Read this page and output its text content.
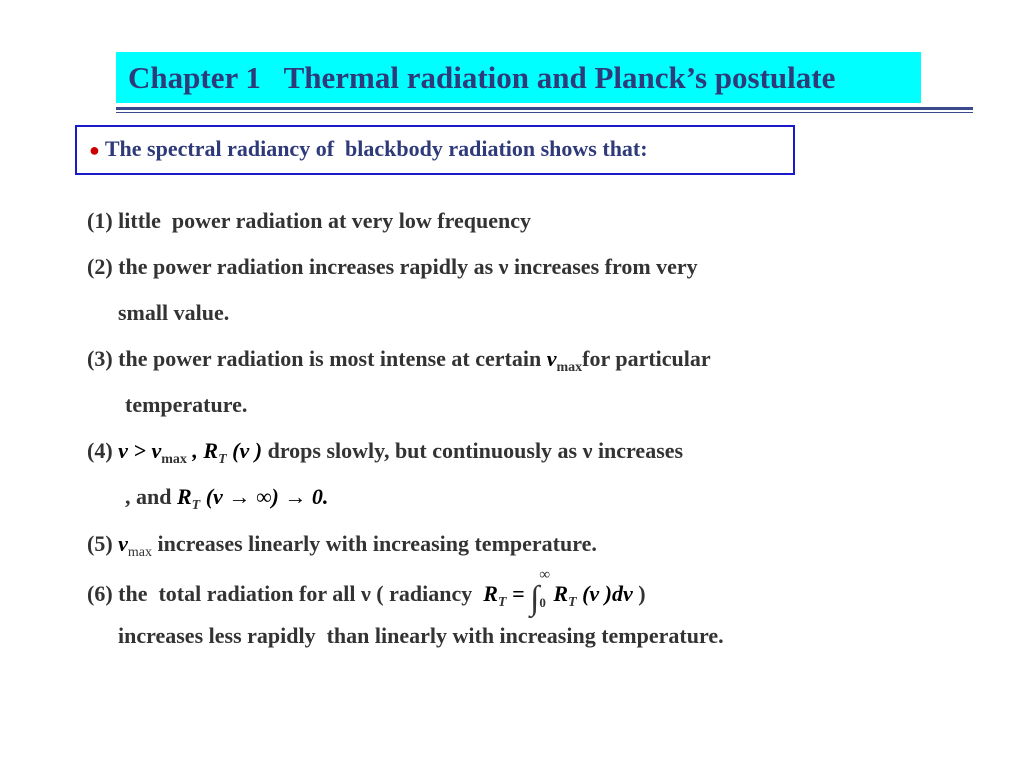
Chapter 1   Thermal radiation and Planck’s postulate
● The spectral radiancy of  blackbody radiation shows that:
(1) little  power radiation at very low frequency
(2) the power radiation increases rapidly as ν increases from very
small value.
(3) the power radiation is most intense at certain $\nu_{max}for$ particular
temperature.
(4) $\nu > \nu_{max}$ , $R_T$ (ν ) drops slowly, but continuously as ν increases
, and $R_T$ (ν → ∞) → 0.
(5) $\nu_{max}$ increases linearly with increasing temperature.
(6) the  total radiation for all ν ( radiancy  $R_T$ = ∫
∞
0 $R_T$ (ν )dν )
increases less rapidly  than linearly with increasing temperature.
